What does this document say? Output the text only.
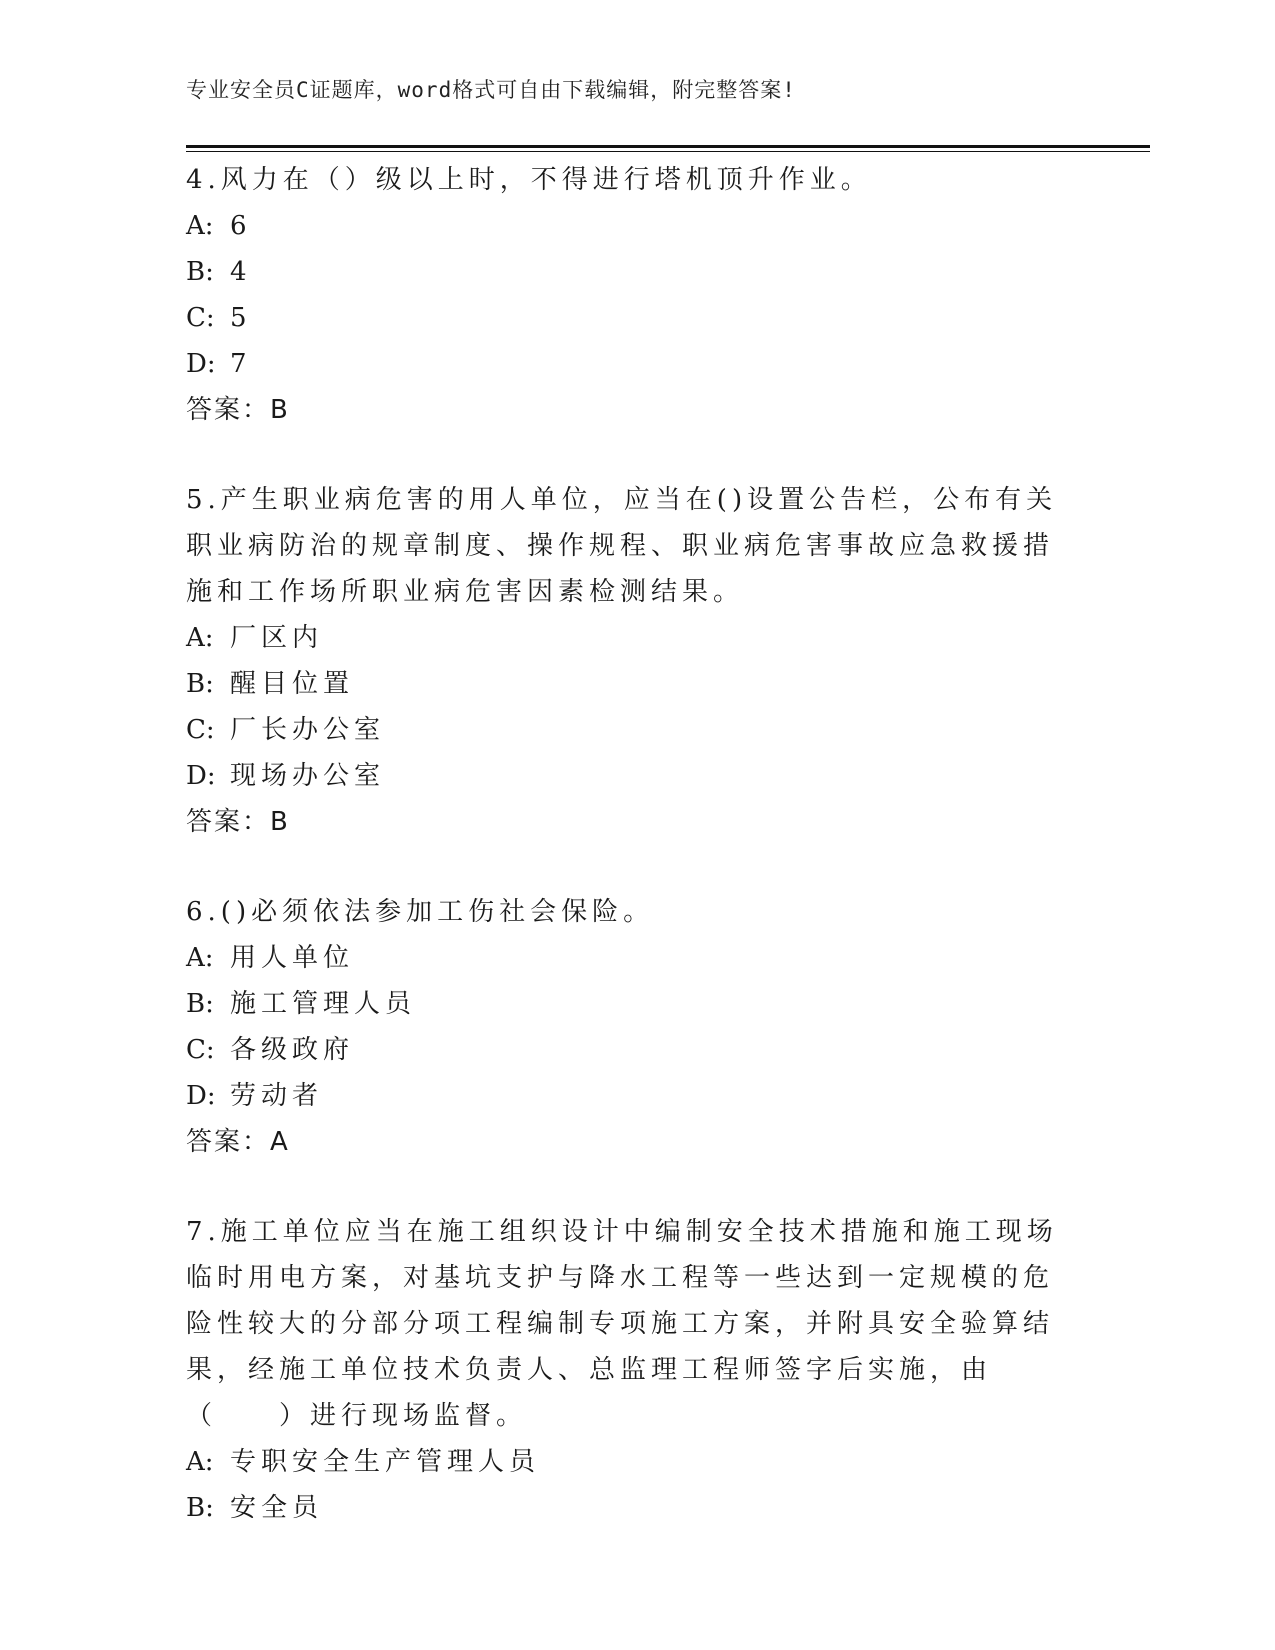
专业安全员C证题库，word格式可自由下载编辑，附完整答案!

4.风力在（）级以上时，不得进行塔机顶升作业。

A: 6
B: 4
C: 5
D: 7
答案：B

5.产生职业病危害的用人单位，应当在()设置公告栏，公布有关职业病防治的规章制度、操作规程、职业病危害事故应急救援措施和工作场所职业病危害因素检测结果。

A: 厂区内
B: 醒目位置
C: 厂长办公室
D: 现场办公室
答案：B

6.()必须依法参加工伤社会保险。

A: 用人单位
B: 施工管理人员
C: 各级政府
D: 劳动者
答案：A

7.施工单位应当在施工组织设计中编制安全技术措施和施工现场临时用电方案，对基坑支护与降水工程等一些达到一定规模的危险性较大的分部分项工程编制专项施工方案，并附具安全验算结果，经施工单位技术负责人、总监理工程师签字后实施，由（　　）进行现场监督。

A: 专职安全生产管理人员
B: 安全员
